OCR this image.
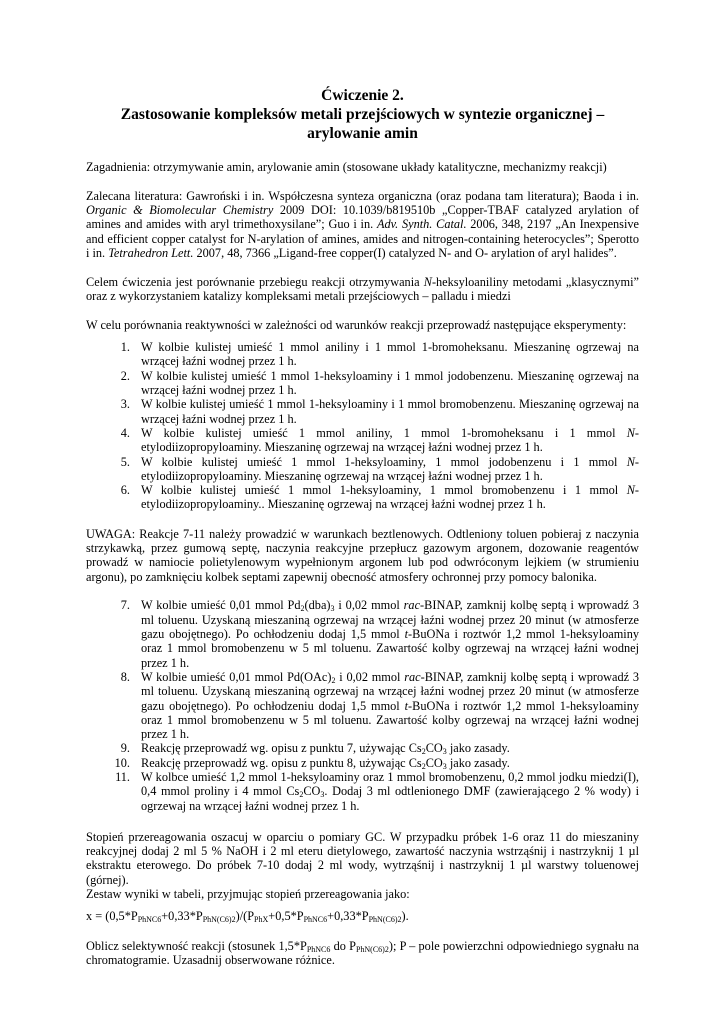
Ćwiczenie 2.
Zastosowanie kompleksów metali przejściowych w syntezie organicznej –
arylowanie amin

Zagadnienia: otrzymywanie amin, arylowanie amin (stosowane układy katalityczne, mechanizmy reakcji)

Zalecana literatura: Gawroński i in. Współczesna synteza organiczna (oraz podana tam literatura); Baoda i in. Organic & Biomolecular Chemistry 2009 DOI: 10.1039/b819510b „Copper-TBAF catalyzed arylation of amines and amides with aryl trimethoxysilane”; Guo i in. Adv. Synth. Catal. 2006, 348, 2197 „An Inexpensive and efficient copper catalyst for N-arylation of amines, amides and nitrogen-containing heterocycles”; Sperotto i in. Tetrahedron Lett. 2007, 48, 7366 „Ligand-free copper(I) catalyzed N- and O- arylation of aryl halides”.

Celem ćwiczenia jest porównanie przebiegu reakcji otrzymywania N-heksyloaniliny metodami „klasycznymi” oraz z wykorzystaniem katalizy kompleksami metali przejściowych – palladu i miedzi

W celu porównania reaktywności w zależności od warunków reakcji przeprowadź następujące eksperymenty:
1. W kolbie kulistej umieść 1 mmol aniliny i 1 mmol 1-bromoheksanu. Mieszaninę ogrzewaj na wrzącej łaźni wodnej przez 1 h.
2. W kolbie kulistej umieść 1 mmol 1-heksyloaminy i 1 mmol jodobenzenu. Mieszaninę ogrzewaj na wrzącej łaźni wodnej przez 1 h.
3. W kolbie kulistej umieść 1 mmol 1-heksyloaminy i 1 mmol bromobenzenu. Mieszaninę ogrzewaj na wrzącej łaźni wodnej przez 1 h.
4. W kolbie kulistej umieść 1 mmol aniliny, 1 mmol 1-bromoheksanu i 1 mmol N-etylodiizopropyloaminy. Mieszaninę ogrzewaj na wrzącej łaźni wodnej przez 1 h.
5. W kolbie kulistej umieść 1 mmol 1-heksyloaminy, 1 mmol jodobenzenu i 1 mmol N-etylodiizopropyloaminy. Mieszaninę ogrzewaj na wrzącej łaźni wodnej przez 1 h.
6. W kolbie kulistej umieść 1 mmol 1-heksyloaminy, 1 mmol bromobenzenu i 1 mmol N-etylodiizopropyloaminy.. Mieszaninę ogrzewaj na wrzącej łaźni wodnej przez 1 h.

UWAGA: Reakcje 7-11 należy prowadzić w warunkach beztlenowych. Odtleniony toluen pobieraj z naczynia strzykawką, przez gumową septę, naczynia reakcyjne przepłucz gazowym argonem, dozowanie reagentów prowadź w namiocie polietylenowym wypełnionym argonem lub pod odwróconym lejkiem (w strumieniu argonu), po zamknięciu kolbek septami zapewnij obecność atmosfery ochronnej przy pomocy balonika.

7. W kolbie umieść 0,01 mmol $Pd_2(dba)_3$ i 0,02 mmol rac-BINAP, zamknij kolbę septą i wprowadź 3 ml toluenu. Uzyskaną mieszaniną ogrzewaj na wrzącej łaźni wodnej przez 20 minut (w atmosferze gazu obojętnego). Po ochłodzeniu dodaj 1,5 mmol t-BuONa i roztwór 1,2 mmol 1-heksyloaminy oraz 1 mmol bromobenzenu w 5 ml toluenu. Zawartość kolby ogrzewaj na wrzącej łaźni wodnej przez 1 h.
8. W kolbie umieść 0,01 mmol $Pd(OAc)_2$ i 0,02 mmol rac-BINAP, zamknij kolbę septą i wprowadź 3 ml toluenu. Uzyskaną mieszaniną ogrzewaj na wrzącej łaźni wodnej przez 20 minut (w atmosferze gazu obojętnego). Po ochłodzeniu dodaj 1,5 mmol t-BuONa i roztwór 1,2 mmol 1-heksyloaminy oraz 1 mmol bromobenzenu w 5 ml toluenu. Zawartość kolby ogrzewaj na wrzącej łaźni wodnej przez 1 h.
9. Reakcję przeprowadź wg. opisu z punktu 7, używając $Cs_2CO_3$ jako zasady.
10. Reakcję przeprowadź wg. opisu z punktu 8, używając $Cs_2CO_3$ jako zasady.
11. W kolbce umieść 1,2 mmol 1-heksyloaminy oraz 1 mmol bromobenzenu, 0,2 mmol jodku miedzi(I), 0,4 mmol proliny i 4 mmol $Cs_2CO_3$. Dodaj 3 ml odtlenionego DMF (zawierającego 2 % wody) i ogrzewaj na wrzącej łaźni wodnej przez 1 h.
Stopień przereagowania oszacuj w oparciu o pomiary GC. W przypadku próbek 1-6 oraz 11 do mieszaniny reakcyjnej dodaj 2 ml 5 % NaOH i 2 ml eteru dietylowego, zawartość naczynia wstrząśnij i nastrzyknij 1 µl ekstraktu eterowego. Do próbek 7-10 dodaj 2 ml wody, wytrząśnij i nastrzyknij 1 µl warstwy toluenowej (górnej).
Zestaw wyniki w tabeli, przyjmując stopień przereagowania jako:
$x = (0,5*P_{PhNC6}+0,33*P_{PhN(C6)2})/(P_{PhX}+0,5*P_{PhNC6}+0,33*P_{PhN(C6)2})$.
Oblicz selektywność reakcji (stosunek $1,5*P_{PhNC6}$ do $P_{PhN(C6)2}$); P – pole powierzchni odpowiedniego sygnału na chromatogramie. Uzasadnij obserwowane różnice.
